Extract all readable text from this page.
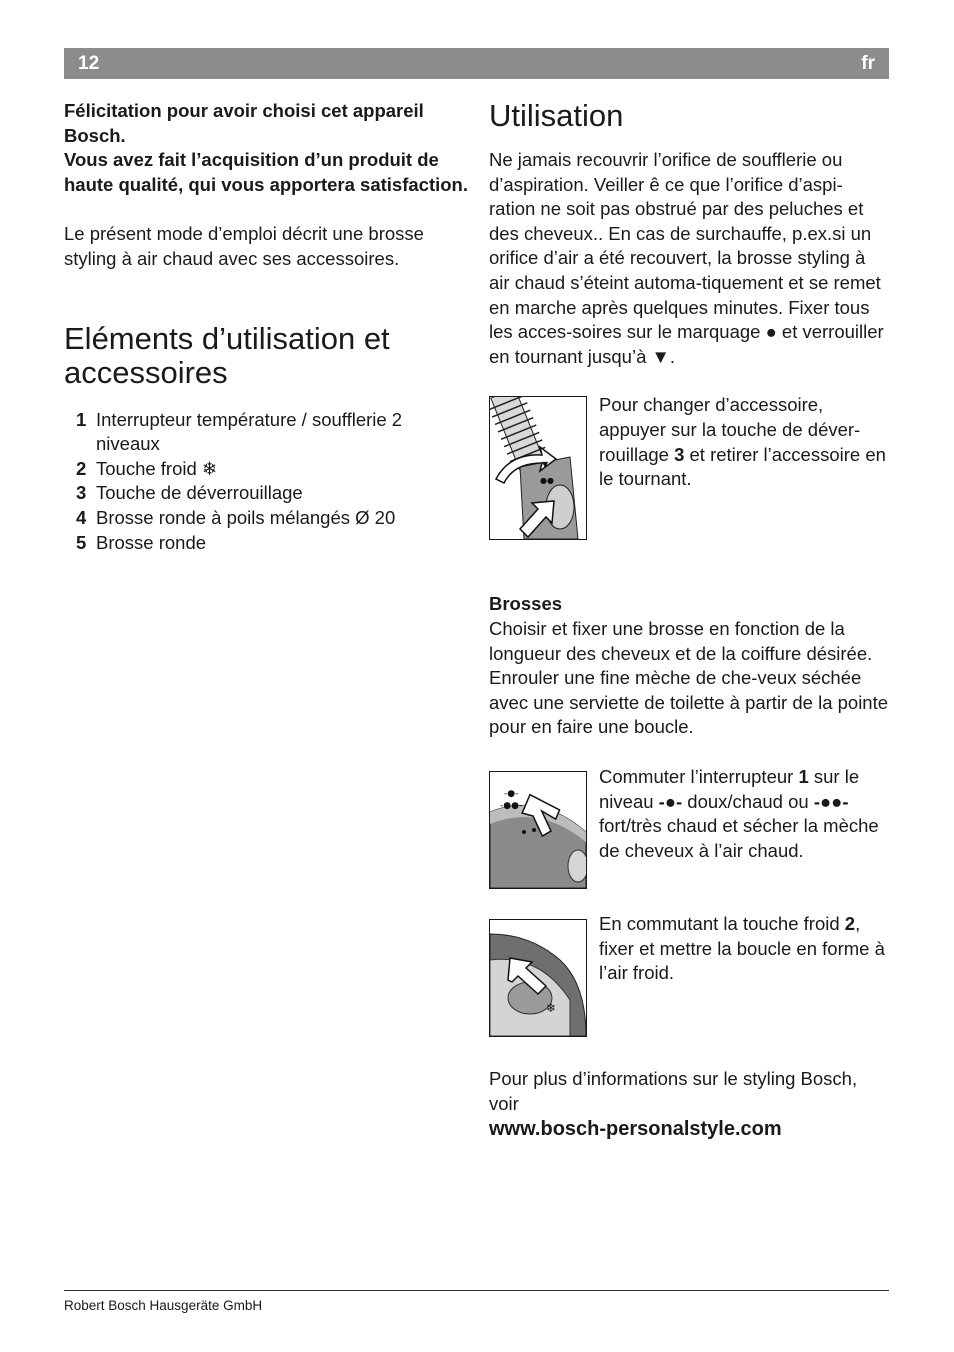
12	fr

Félicitation pour avoir choisi cet appareil Bosch.

Vous avez fait l’acquisition d’un produit de haute qualité, qui vous apportera satisfaction.

Le présent mode d’emploi décrit une brosse styling à air chaud avec ses accessoires.

Eléments d’utilisation et
accessoires
1 Interrupteur température / soufflerie 2 niveaux
2 Touche froid ❄
3 Touche de déverrouillage
4 Brosse ronde à poils mélangés Ø 20
5 Brosse ronde
Utilisation

Ne jamais recouvrir l’orifice de soufflerie ou d’aspiration. Veiller ê ce que l’orifice d’aspi-ration ne soit pas obstrué par des peluches et des cheveux.. En cas de surchauffe, p.ex.si un orifice d’air a été recouvert, la brosse styling à air chaud s’éteint automa-tiquement et se remet en marche après quelques minutes. Fixer tous les acces-soires sur le marquage ● et verrouiller en tournant jusqu’à ▼.

▼
●●

Pour changer d’accessoire, appuyer sur la touche de déver-rouillage 3 et retirer l’accessoire en le tournant.

Brosses

Choisir et fixer une brosse en fonction de la longueur des cheveux et de la coiffure désirée. Enrouler une fine mèche de che-veux séchée avec une serviette de toilette à partir de la pointe pour en faire une boucle.

-●-
-●●-

Commuter l’interrupteur 1 sur le niveau -●- doux/chaud ou -●●- fort/très chaud et sécher la mèche de cheveux à l’air chaud.

❄

En commutant la touche froid 2, fixer et mettre la boucle en forme à l’air froid.

Pour plus d’informations sur le styling Bosch, voir

www.bosch-personalstyle.com

Robert Bosch Hausgeräte GmbH
